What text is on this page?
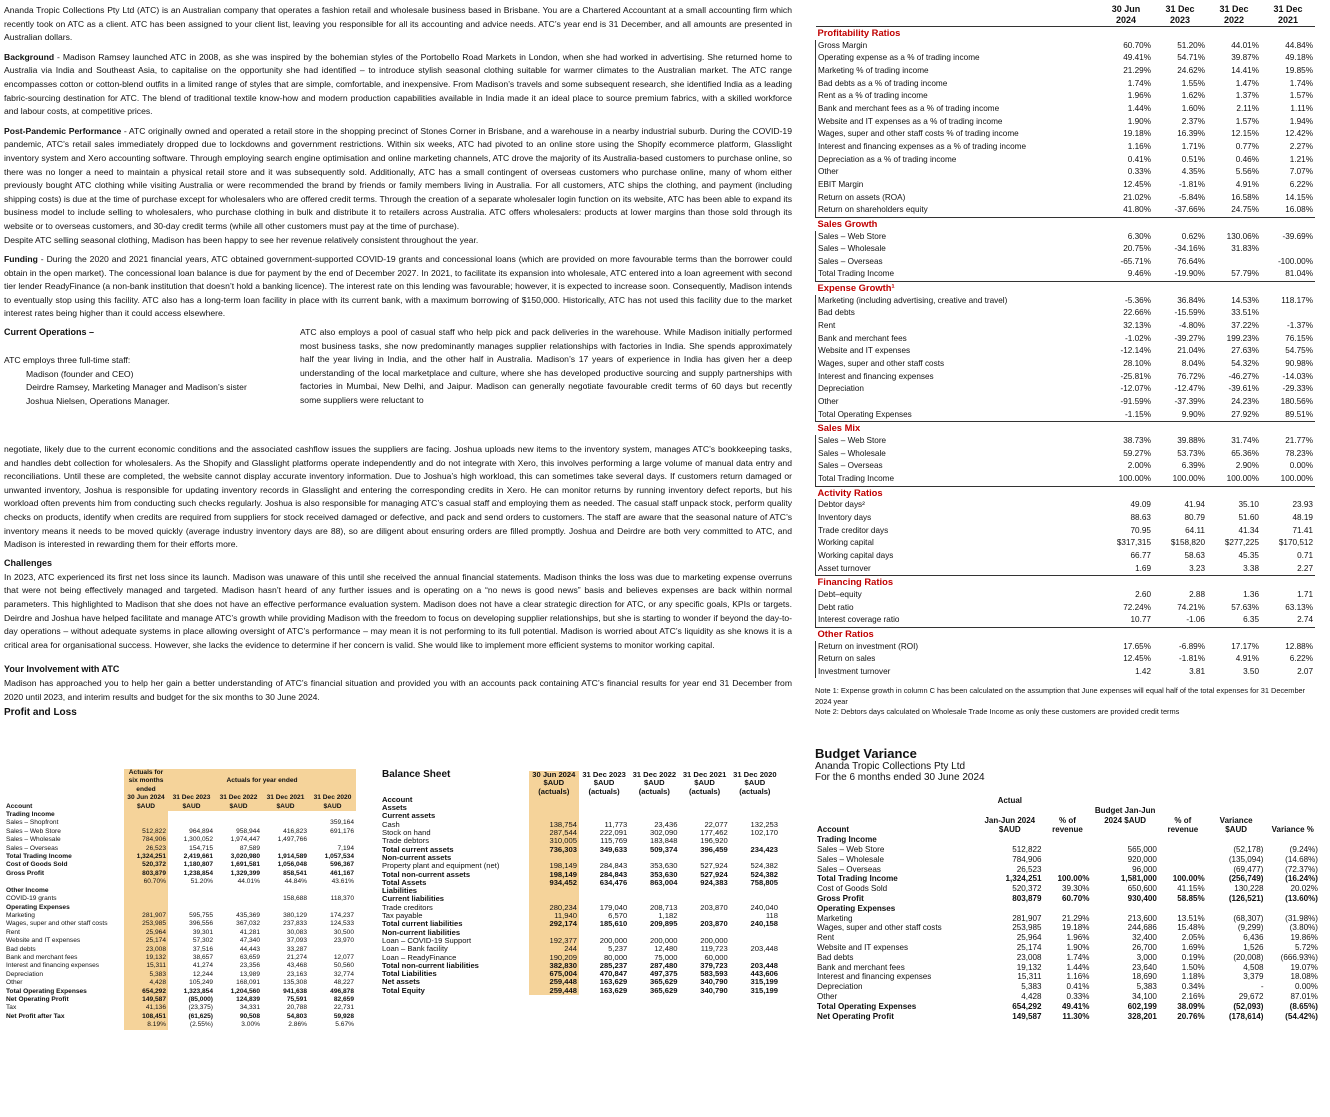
Ananda Tropic Collections Pty Ltd (ATC) is an Australian company that operates a fashion retail and wholesale business based in Brisbane. You are a Chartered Accountant at a small accounting firm which recently took on ATC as a client. ATC has been assigned to your client list, leaving you responsible for all its accounting and advice needs. ATC’s year end is 31 December, and all amounts are presented in Australian dollars.

Background - Madison Ramsey launched ATC in 2008, as she was inspired by the bohemian styles of the Portobello Road Markets in London, when she had worked in advertising. She returned home to Australia via India and Southeast Asia, to capitalise on the opportunity she had identified – to introduce stylish seasonal clothing suitable for warmer climates to the Australian market. The ATC range encompasses cotton or cotton-blend outfits in a limited range of styles that are simple, comfortable, and inexpensive. From Madison’s travels and some subsequent research, she identified India as a leading fabric-sourcing destination for ATC. The blend of traditional textile know-how and modern production capabilities available in India made it an ideal place to source premium fabrics, with a skilled workforce and labour costs, at competitive prices.

Post-Pandemic Performance - ATC originally owned and operated a retail store in the shopping precinct of Stones Corner in Brisbane, and a warehouse in a nearby industrial suburb. During the COVID-19 pandemic, ATC’s retail sales immediately dropped due to lockdowns and government restrictions. Within six weeks, ATC had pivoted to an online store using the Shopify ecommerce platform, Glasslight inventory system and Xero accounting software. Through employing search engine optimisation and online marketing channels, ATC drove the majority of its Australia-based customers to purchase online, so there was no longer a need to maintain a physical retail store and it was subsequently sold. Additionally, ATC has a small contingent of overseas customers who purchase online, many of whom either previously bought ATC clothing while visiting Australia or were recommended the brand by friends or family members living in Australia. For all customers, ATC ships the clothing, and payment (including shipping costs) is due at the time of purchase except for wholesalers who are offered credit terms. Through the creation of a separate wholesaler login function on its website, ATC has been able to expand its business model to include selling to wholesalers, who purchase clothing in bulk and distribute it to retailers across Australia. ATC offers wholesalers: products at lower margins than those sold through its website or to overseas customers, and 30-day credit terms (while all other customers must pay at the time of purchase).

Despite ATC selling seasonal clothing, Madison has been happy to see her revenue relatively consistent throughout the year.

Funding - During the 2020 and 2021 financial years, ATC obtained government-supported COVID-19 grants and concessional loans (which are provided on more favourable terms than the borrower could obtain in the open market). The concessional loan balance is due for payment by the end of December 2027. In 2021, to facilitate its expansion into wholesale, ATC entered into a loan agreement with second tier lender ReadyFinance (a non-bank institution that doesn’t hold a banking licence). The interest rate on this lending was favourable; however, it is expected to increase soon. Consequently, Madison intends to eventually stop using this facility. ATC also has a long-term loan facility in place with its current bank, with a maximum borrowing of $150,000. Historically, ATC has not used this facility due to the market interest rates being higher than it could access elsewhere.

Current Operations –
ATC employs three full-time staff:
Madison (founder and CEO)
Deirdre Ramsey, Marketing Manager and Madison’s sister
Joshua Nielsen, Operations Manager.
ATC also employs a pool of casual staff who help pick and pack deliveries in the warehouse. While Madison initially performed most business tasks, she now predominantly manages supplier relationships with factories in India. She spends approximately half the year living in India, and the other half in Australia. Madison’s 17 years of experience in India has given her a deep understanding of the local marketplace and culture, where she has developed productive sourcing and supply partnerships with factories in Mumbai, New Delhi, and Jaipur. Madison can generally negotiate favourable credit terms of 60 days but recently some suppliers were reluctant to

negotiate, likely due to the current economic conditions and the associated cashflow issues the suppliers are facing. Joshua uploads new items to the inventory system, manages ATC’s bookkeeping tasks, and handles debt collection for wholesalers. As the Shopify and Glasslight platforms operate independently and do not integrate with Xero, this involves performing a large volume of manual data entry and reconciliations. Until these are completed, the website cannot display accurate inventory information. Due to Joshua’s high workload, this can sometimes take several days. If customers return damaged or unwanted inventory, Joshua is responsible for updating inventory records in Glasslight and entering the corresponding credits in Xero. He can monitor returns by running inventory defect reports, but his workload often prevents him from conducting such checks regularly. Joshua is also responsible for managing ATC’s casual staff and employing them as needed. The casual staff unpack stock, perform quality checks on products, identify when credits are required from suppliers for stock received damaged or defective, and pack and send orders to customers. The staff are aware that the seasonal nature of ATC’s inventory means it needs to be moved quickly (average industry inventory days are 88), so are diligent about ensuring orders are filled promptly. Joshua and Deirdre are both very committed to ATC, and Madison is interested in rewarding them for their efforts more.

Challenges

In 2023, ATC experienced its first net loss since its launch. Madison was unaware of this until she received the annual financial statements. Madison thinks the loss was due to marketing expense overruns that were not being effectively managed and targeted. Madison hasn’t heard of any further issues and is operating on a “no news is good news” basis and believes expenses are back within normal parameters. This highlighted to Madison that she does not have an effective performance evaluation system. Madison does not have a clear strategic direction for ATC, or any specific goals, KPIs or targets. Deirdre and Joshua have helped facilitate and manage ATC’s growth while providing Madison with the freedom to focus on developing supplier relationships, but she is starting to wonder if beyond the day-to-day operations – without adequate systems in place allowing oversight of ATC’s performance – may mean it is not performing to its full potential. Madison is worried about ATC’s liquidity as she knows it is a critical area for organisational success. However, she lacks the evidence to determine if her concern is valid. She would like to implement more efficient systems to monitor working capital.

Your Involvement with ATC

Madison has approached you to help her gain a better understanding of ATC’s financial situation and provided you with an accounts pack containing ATC’s financial results for year end 31 December from 2020 until 2023, and interim results and budget for the six months to 30 June 2024.

Profit and Loss
	Actuals for six months ended	Actuals for year ended			
Account	30 Jun 2024 $AUD	31 Dec 2023 $AUD	31 Dec 2022 $AUD	31 Dec 2021 $AUD	31 Dec 2020 $AUD
Trading Income					
Sales – Shopfront					359,164
Sales – Web Store	512,822	964,894	958,944	416,823	691,176
Sales – Wholesale	784,906	1,300,052	1,974,447	1,497,766	
Sales – Overseas	26,523	154,715	87,589		7,194
Total Trading Income	1,324,251	2,419,661	3,020,980	1,914,589	1,057,534

Cost of Goods Sold	520,372	1,180,807	1,691,581	1,056,048	596,367

Gross Profit	803,879	1,238,854	1,329,399	858,541	461,167
	60.70%	51.20%	44.01%	44.84%	43.61%
Other Income					
COVID-19 grants				158,688	118,370

Operating Expenses					
Marketing	281,907	595,755	435,369	380,129	174,237
Wages, super and other staff costs	253,985	396,556	367,032	237,833	124,533
Rent	25,964	39,301	41,281	30,083	30,500
Website and IT expenses	25,174	57,302	47,340	37,093	23,970
Bad debts	23,008	37,516	44,443	33,287	
Bank and merchant fees	19,132	38,657	63,659	21,274	12,077
Interest and financing expenses	15,311	41,274	23,356	43,468	50,560
Depreciation	5,383	12,244	13,989	23,163	32,774
Other	4,428	105,249	168,091	135,308	48,227
Total Operating Expenses	654,292	1,323,854	1,204,560	941,638	496,878

Net Operating Profit	149,587	(85,000)	124,839	75,591	82,659
Tax	41,136	(23,375)	34,331	20,788	22,731
Net Profit after Tax	108,451	(61,625)	90,508	54,803	59,928
	8.19%	(2.55%)	3.00%	2.86%	5.67%
Balance Sheet	30 Jun 2024 $AUD (actuals)	31 Dec 2023 $AUD (actuals)	31 Dec 2022 $AUD (actuals)	31 Dec 2021 $AUD (actuals)	31 Dec 2020 $AUD (actuals)
Account					
Assets					
Current assets					
Cash	138,754	11,773	23,436	22,077	132,253
Stock on hand	287,544	222,091	302,090	177,462	102,170
Trade debtors	310,005	115,769	183,848	196,920	
Total current assets	736,303	349,633	509,374	396,459	234,423
Non-current assets					
Property plant and equipment (net)	198,149	284,843	353,630	527,924	524,382
Total non-current assets	198,149	284,843	353,630	527,924	524,382
Total Assets	934,452	634,476	863,004	924,383	758,805

Liabilities					
Current liabilities					
Trade creditors	280,234	179,040	208,713	203,870	240,040
Tax payable	11,940	6,570	1,182		118
Total current liabilities	292,174	185,610	209,895	203,870	240,158
Non-current liabilities					
Loan – COVID-19 Support	192,377	200,000	200,000	200,000	
Loan – Bank facility	244	5,237	12,480	119,723	203,448
Loan – ReadyFinance	190,209	80,000	75,000	60,000	
Total non-current liabilities	382,830	285,237	287,480	379,723	203,448
Total Liabilities	675,004	470,847	497,375	583,593	443,606

Net assets	259,448	163,629	365,629	340,790	315,199

Total Equity	259,448	163,629	365,629	340,790	315,199
	30 Jun 2024	31 Dec 2023	31 Dec 2022	31 Dec 2021
Profitability Ratios				
Gross Margin	60.70%	51.20%	44.01%	44.84%
Operating expense as a % of trading income	49.41%	54.71%	39.87%	49.18%
Marketing % of trading income	21.29%	24.62%	14.41%	19.85%
Bad debts as a % of trading income	1.74%	1.55%	1.47%	1.74%
Rent as a % of trading income	1.96%	1.62%	1.37%	1.57%
Bank and merchant fees as a % of trading income	1.44%	1.60%	2.11%	1.11%
Website and IT expenses as a % of trading income	1.90%	2.37%	1.57%	1.94%
Wages, super and other staff costs % of trading income	19.18%	16.39%	12.15%	12.42%
Interest and financing expenses as a % of trading income	1.16%	1.71%	0.77%	2.27%
Depreciation as a % of trading income	0.41%	0.51%	0.46%	1.21%
Other	0.33%	4.35%	5.56%	7.07%
EBIT Margin	12.45%	-1.81%	4.91%	6.22%
Return on assets (ROA)	21.02%	-5.84%	16.58%	14.15%
Return on shareholders equity	41.80%	-37.66%	24.75%	16.08%
Sales Growth				
Sales – Web Store	6.30%	0.62%	130.06%	-39.69%
Sales – Wholesale	20.75%	-34.16%	31.83%	
Sales – Overseas	-65.71%	76.64%		-100.00%
Total Trading Income	9.46%	-19.90%	57.79%	81.04%
Expense Growth¹				
Marketing (including advertising, creative and travel)	-5.36%	36.84%	14.53%	118.17%
Bad debts	22.66%	-15.59%	33.51%	
Rent	32.13%	-4.80%	37.22%	-1.37%
Bank and merchant fees	-1.02%	-39.27%	199.23%	76.15%
Website and IT expenses	-12.14%	21.04%	27.63%	54.75%
Wages, super and other staff costs	28.10%	8.04%	54.32%	90.98%
Interest and financing expenses	-25.81%	76.72%	-46.27%	-14.03%
Depreciation	-12.07%	-12.47%	-39.61%	-29.33%
Other	-91.59%	-37.39%	24.23%	180.56%
Total Operating Expenses	-1.15%	9.90%	27.92%	89.51%
Sales Mix				
Sales – Web Store	38.73%	39.88%	31.74%	21.77%
Sales – Wholesale	59.27%	53.73%	65.36%	78.23%
Sales – Overseas	2.00%	6.39%	2.90%	0.00%
Total Trading Income	100.00%	100.00%	100.00%	100.00%
Activity Ratios				
Debtor days²	49.09	41.94	35.10	23.93
Inventory days	88.63	80.79	51.60	48.19
Trade creditor days	70.95	64.11	41.34	71.41
Working capital	$317,315	$158,820	$277,225	$170,512
Working capital days	66.77	58.63	45.35	0.71
Asset turnover	1.69	3.23	3.38	2.27
Financing Ratios				
Debt–equity	2.60	2.88	1.36	1.71
Debt ratio	72.24%	74.21%	57.63%	63.13%
Interest coverage ratio	10.77	-1.06	6.35	2.74
Other Ratios				
Return on investment (ROI)	17.65%	-6.89%	17.17%	12.88%
Return on sales	12.45%	-1.81%	4.91%	6.22%
Investment turnover	1.42	3.81	3.50	2.07
Note 1: Expense growth in column C has been calculated on the assumption that June expenses will equal half of the total expenses for 31 December 2024 year
Note 2: Debtors days calculated on Wholesale Trade Income as only these customers are provided credit terms
Budget Variance
Ananda Tropic Collections Pty Ltd
For the 6 months ended 30 June 2024
Account	Actual

Jan-Jun 2024 $AUD	% of revenue	Budget Jan-Jun 2024 $AUD	% of revenue	Variance $AUD	Variance %
Trading Income						
Sales – Web Store	512,822		565,000		(52,178)	(9.24%)
Sales – Wholesale	784,906		920,000		(135,094)	(14.68%)
Sales – Overseas	26,523		96,000		(69,477)	(72.37%)
Total Trading Income	1,324,251	100.00%	1,581,000	100.00%	(256,749)	(16.24%)

Cost of Goods Sold	520,372	39.30%	650,600	41.15%	130,228	20.02%

Gross Profit	803,879	60.70%	930,400	58.85%	(126,521)	(13.60%)

Operating Expenses						
Marketing	281,907	21.29%	213,600	13.51%	(68,307)	(31.98%)
Wages, super and other staff costs	253,985	19.18%	244,686	15.48%	(9,299)	(3.80%)
Rent	25,964	1.96%	32,400	2.05%	6,436	19.86%
Website and IT expenses	25,174	1.90%	26,700	1.69%	1,526	5.72%
Bad debts	23,008	1.74%	3,000	0.19%	(20,008)	(666.93%)
Bank and merchant fees	19,132	1.44%	23,640	1.50%	4,508	19.07%
Interest and financing expenses	15,311	1.16%	18,690	1.18%	3,379	18.08%
Depreciation	5,383	0.41%	5,383	0.34%	-	0.00%
Other	4,428	0.33%	34,100	2.16%	29,672	87.01%
Total Operating Expenses	654,292	49.41%	602,199	38.09%	(52,093)	(8.65%)

Net Operating Profit	149,587	11.30%	328,201	20.76%	(178,614)	(54.42%)
